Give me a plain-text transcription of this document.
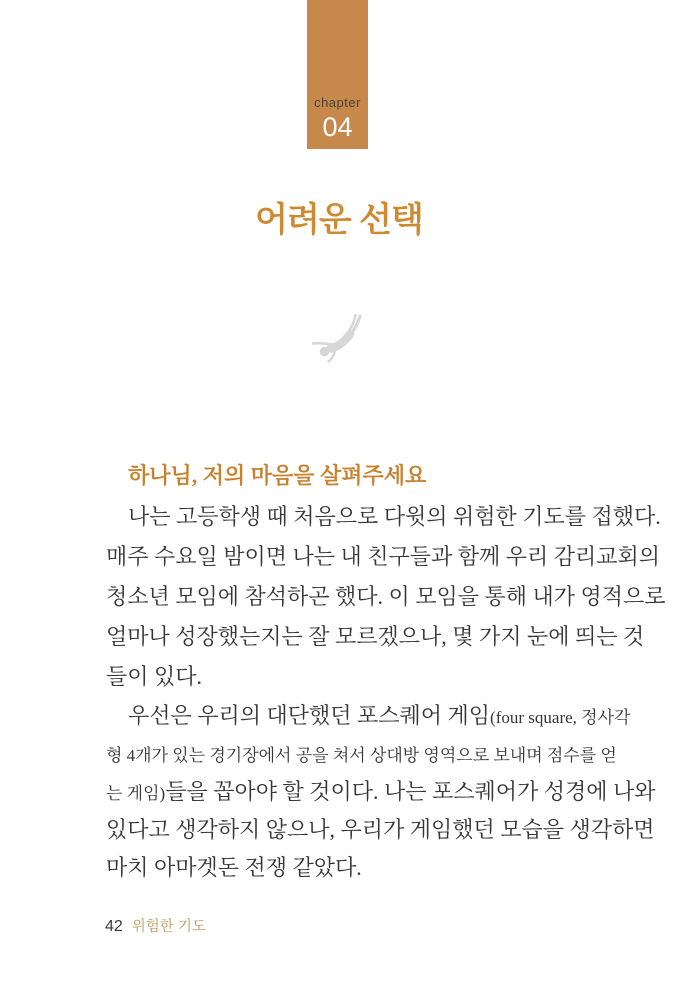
chapter
04
어려운 선택
하나님, 저의 마음을 살펴주세요
나는 고등학생 때 처음으로 다윗의 위험한 기도를 접했다.
매주 수요일 밤이면 나는 내 친구들과 함께 우리 감리교회의
청소년 모임에 참석하곤 했다. 이 모임을 통해 내가 영적으로
얼마나 성장했는지는 잘 모르겠으나, 몇 가지 눈에 띄는 것
들이 있다.
우선은 우리의 대단했던 포스퀘어 게임(four square, 정사각
형 4개가 있는 경기장에서 공을 쳐서 상대방 영역으로 보내며 점수를 얻
는 게임)들을 꼽아야 할 것이다. 나는 포스퀘어가 성경에 나와
있다고 생각하지 않으나, 우리가 게임했던 모습을 생각하면
마치 아마겟돈 전쟁 같았다.
42 위험한 기도
